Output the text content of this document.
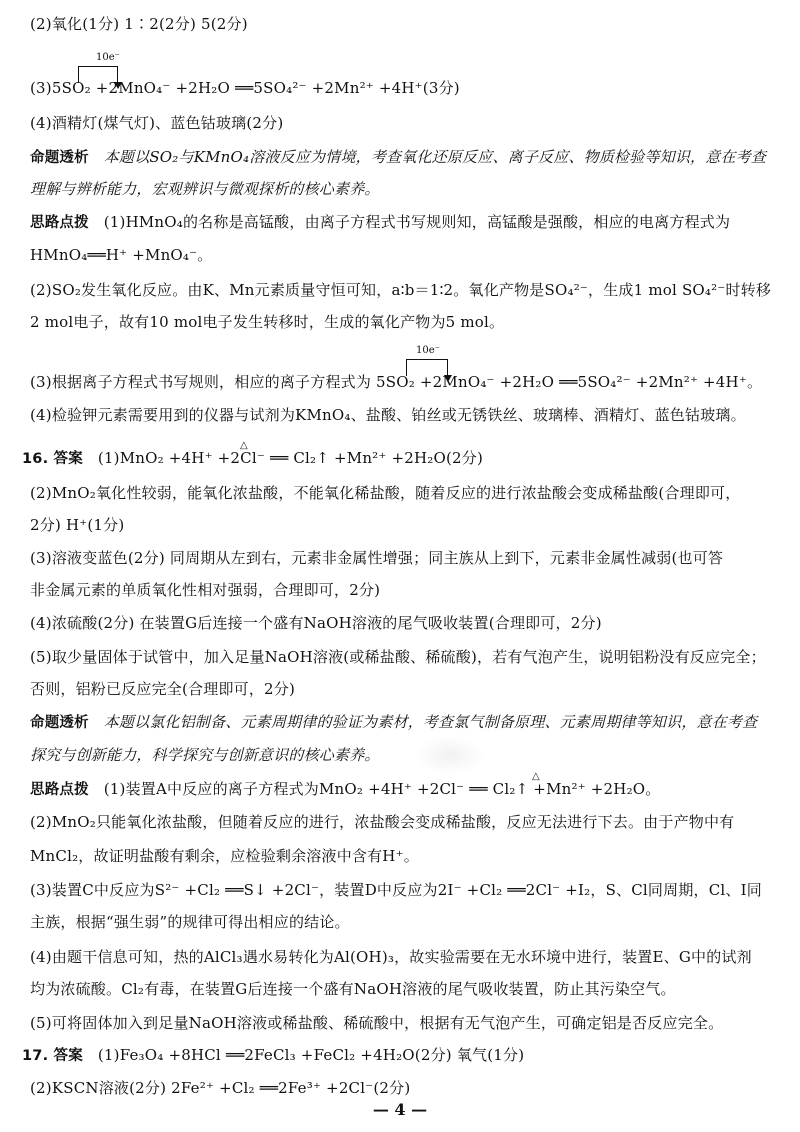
10e⁻
10e⁻
△
△
(2)氧化(1分) 1∶2(2分) 5(2分)
(3)5SO₂ +2MnO₄⁻ +2H₂O ══5SO₄²⁻ +2Mn²⁺ +4H⁺(3分)
(4)酒精灯(煤气灯)、蓝色钴玻璃(2分)
命题透析 本题以SO₂与KMnO₄溶液反应为情境，考查氧化还原反应、离子反应、物质检验等知识，意在考查
理解与辨析能力，宏观辨识与微观探析的核心素养。
思路点拨 (1)HMnO₄的名称是高锰酸，由离子方程式书写规则知，高锰酸是强酸，相应的电离方程式为
HMnO₄══H⁺ +MnO₄⁻。
(2)SO₂发生氧化反应。由K、Mn元素质量守恒可知，a∶b＝1∶2。氧化产物是SO₄²⁻，生成1 mol SO₄²⁻时转移
2 mol电子，故有10 mol电子发生转移时，生成的氧化产物为5 mol。
(3)根据离子方程式书写规则，相应的离子方程式为 5SO₂ +2MnO₄⁻ +2H₂O ══5SO₄²⁻ +2Mn²⁺ +4H⁺。
(4)检验钾元素需要用到的仪器与试剂为KMnO₄、盐酸、铂丝或无锈铁丝、玻璃棒、酒精灯、蓝色钴玻璃。
16. 答案 (1)MnO₂ +4H⁺ +2Cl⁻ ══ Cl₂↑ +Mn²⁺ +2H₂O(2分)
(2)MnO₂氧化性较弱，能氧化浓盐酸，不能氧化稀盐酸，随着反应的进行浓盐酸会变成稀盐酸(合理即可，
2分) H⁺(1分)
(3)溶液变蓝色(2分) 同周期从左到右，元素非金属性增强；同主族从上到下，元素非金属性减弱(也可答
非金属元素的单质氧化性相对强弱，合理即可，2分)
(4)浓硫酸(2分) 在装置G后连接一个盛有NaOH溶液的尾气吸收装置(合理即可，2分)
(5)取少量固体于试管中，加入足量NaOH溶液(或稀盐酸、稀硫酸)，若有气泡产生，说明铝粉没有反应完全；
否则，铝粉已反应完全(合理即可，2分)
命题透析 本题以氯化铝制备、元素周期律的验证为素材，考查氯气制备原理、元素周期律等知识，意在考查
探究与创新能力，科学探究与创新意识的核心素养。
思路点拨 (1)装置A中反应的离子方程式为MnO₂ +4H⁺ +2Cl⁻ ══ Cl₂↑ +Mn²⁺ +2H₂O。
(2)MnO₂只能氧化浓盐酸，但随着反应的进行，浓盐酸会变成稀盐酸，反应无法进行下去。由于产物中有
MnCl₂，故证明盐酸有剩余，应检验剩余溶液中含有H⁺。
(3)装置C中反应为S²⁻ +Cl₂ ══S↓ +2Cl⁻，装置D中反应为2I⁻ +Cl₂ ══2Cl⁻ +I₂，S、Cl同周期，Cl、I同
主族，根据“强生弱”的规律可得出相应的结论。
(4)由题干信息可知，热的AlCl₃遇水易转化为Al(OH)₃，故实验需要在无水环境中进行，装置E、G中的试剂
均为浓硫酸。Cl₂有毒，在装置G后连接一个盛有NaOH溶液的尾气吸收装置，防止其污染空气。
(5)可将固体加入到足量NaOH溶液或稀盐酸、稀硫酸中，根据有无气泡产生，可确定铝是否反应完全。
17. 答案 (1)Fe₃O₄ +8HCl ══2FeCl₃ +FeCl₂ +4H₂O(2分) 氧气(1分)
(2)KSCN溶液(2分) 2Fe²⁺ +Cl₂ ══2Fe³⁺ +2Cl⁻(2分)
— 4 —
